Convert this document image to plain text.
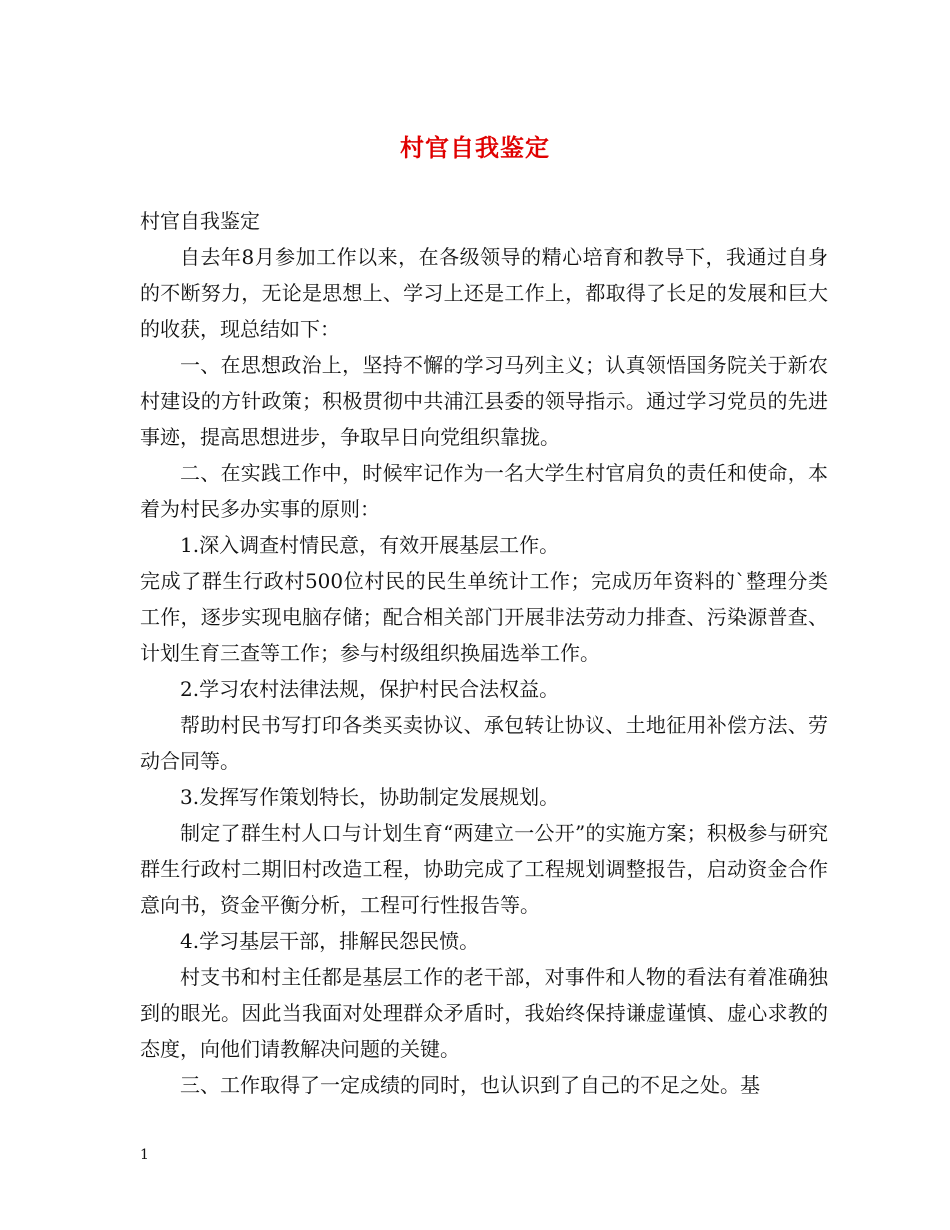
村官自我鉴定

村官自我鉴定

自去年8月参加工作以来，在各级领导的精心培育和教导下，我通过自身的不断努力，无论是思想上、学习上还是工作上，都取得了长足的发展和巨大的收获，现总结如下：

一、在思想政治上，坚持不懈的学习马列主义；认真领悟国务院关于新农村建设的方针政策；积极贯彻中共浦江县委的领导指示。通过学习党员的先进事迹，提高思想进步，争取早日向党组织靠拢。

二、在实践工作中，时候牢记作为一名大学生村官肩负的责任和使命，本着为村民多办实事的原则：

1.深入调查村情民意，有效开展基层工作。

完成了群生行政村500位村民的民生单统计工作；完成历年资料的`整理分类工作，逐步实现电脑存储；配合相关部门开展非法劳动力排查、污染源普查、计划生育三查等工作；参与村级组织换届选举工作。

2.学习农村法律法规，保护村民合法权益。

帮助村民书写打印各类买卖协议、承包转让协议、土地征用补偿方法、劳动合同等。

3.发挥写作策划特长，协助制定发展规划。

制定了群生村人口与计划生育“两建立一公开”的实施方案；积极参与研究群生行政村二期旧村改造工程，协助完成了工程规划调整报告，启动资金合作意向书，资金平衡分析，工程可行性报告等。

4.学习基层干部，排解民怨民愤。

村支书和村主任都是基层工作的老干部，对事件和人物的看法有着准确独到的眼光。因此当我面对处理群众矛盾时，我始终保持谦虚谨慎、虚心求教的态度，向他们请教解决问题的关键。

三、工作取得了一定成绩的同时，也认识到了自己的不足之处。基

1
